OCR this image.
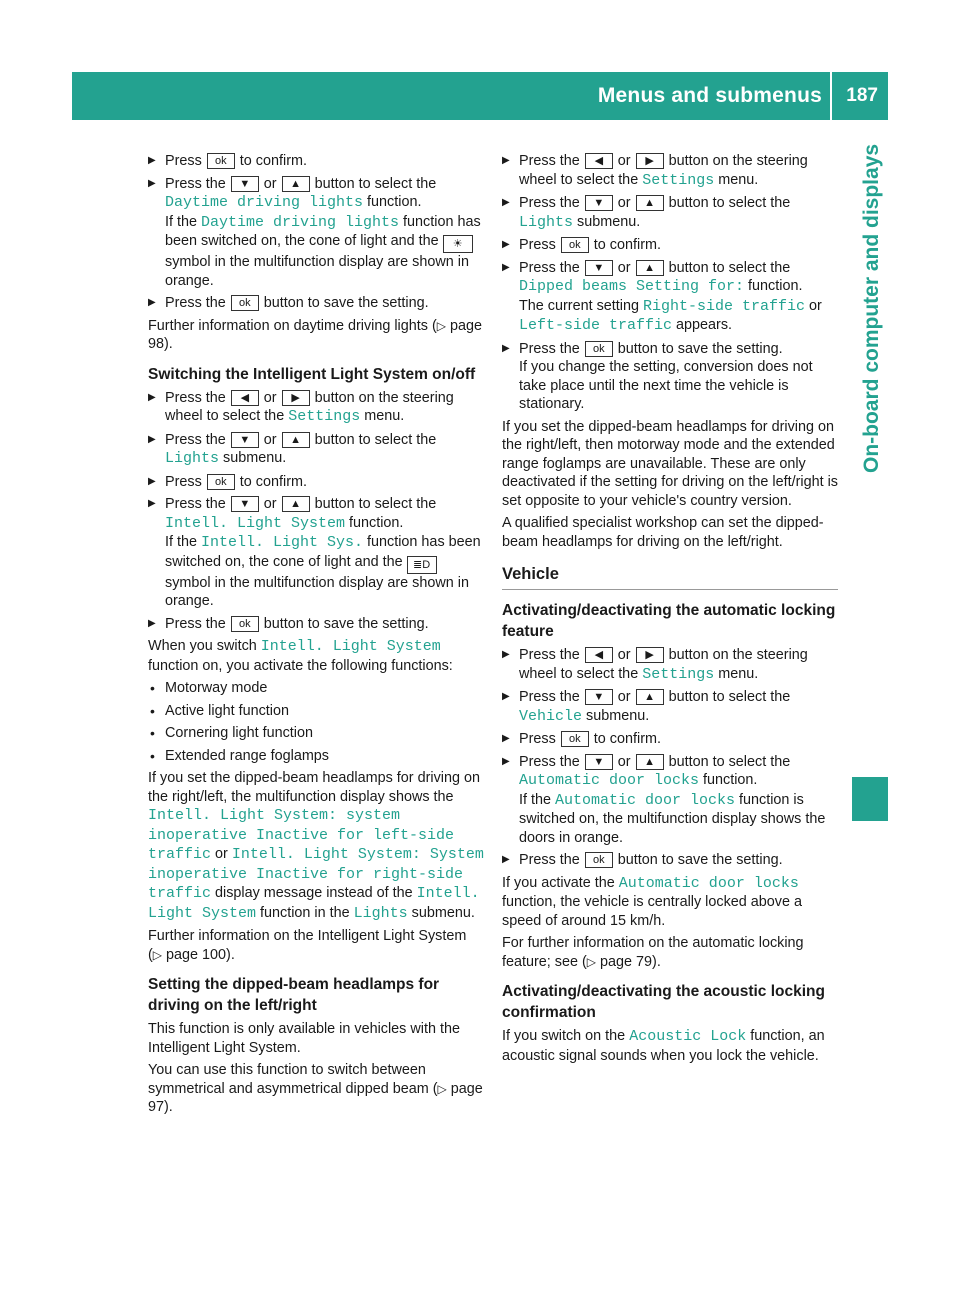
Menus and submenus 187
On-board computer and displays
▶ Press ok to confirm.
▶ Press the ▼ or ▲ button to select the Daytime driving lights function.
If the Daytime driving lights function has been switched on, the cone of light and the ☀ symbol in the multifunction display are shown in orange.
▶ Press the ok button to save the setting.

Further information on daytime driving lights (▷ page 98).

Switching the Intelligent Light System on/off
▶ Press the ◀ or ▶ button on the steering wheel to select the Settings menu.
▶ Press the ▼ or ▲ button to select the Lights submenu.
▶ Press ok to confirm.
▶ Press the ▼ or ▲ button to select the Intell. Light System function.
If the Intell. Light Sys. function has been switched on, the cone of light and the ≣D symbol in the multifunction display are shown in orange.
▶ Press the ok button to save the setting.

When you switch Intell. Light System function on, you activate the following functions:

• Motorway mode
• Active light function
• Cornering light function
• Extended range foglamps

If you set the dipped-beam headlamps for driving on the right/left, the multifunction display shows the Intell. Light System: system inoperative Inactive for left-side traffic or Intell. Light System: System inoperative Inactive for right-side traffic display message instead of the Intell. Light System function in the Lights submenu.

Further information on the Intelligent Light System (▷ page 100).

Setting the dipped-beam headlamps for driving on the left/right

This function is only available in vehicles with the Intelligent Light System.

You can use this function to switch between symmetrical and asymmetrical dipped beam (▷ page 97).

▶ Press the ◀ or ▶ button on the steering wheel to select the Settings menu.
▶ Press the ▼ or ▲ button to select the Lights submenu.
▶ Press ok to confirm.
▶ Press the ▼ or ▲ button to select the Dipped beams Setting for: function.
The current setting Right-side traffic or Left-side traffic appears.
▶ Press the ok button to save the setting.
If you change the setting, conversion does not take place until the next time the vehicle is stationary.

If you set the dipped-beam headlamps for driving on the right/left, then motorway mode and the extended range foglamps are unavailable. These are only deactivated if the setting for driving on the left/right is set opposite to your vehicle's country version.

A qualified specialist workshop can set the dipped-beam headlamps for driving on the left/right.

Vehicle
Activating/deactivating the automatic locking feature
▶ Press the ◀ or ▶ button on the steering wheel to select the Settings menu.
▶ Press the ▼ or ▲ button to select the Vehicle submenu.
▶ Press ok to confirm.
▶ Press the ▼ or ▲ button to select the Automatic door locks function.
If the Automatic door locks function is switched on, the multifunction display shows the doors in orange.
▶ Press the ok button to save the setting.

If you activate the Automatic door locks function, the vehicle is centrally locked above a speed of around 15 km/h.

For further information on the automatic locking feature; see (▷ page 79).

Activating/deactivating the acoustic locking confirmation

If you switch on the Acoustic Lock function, an acoustic signal sounds when you lock the vehicle.
